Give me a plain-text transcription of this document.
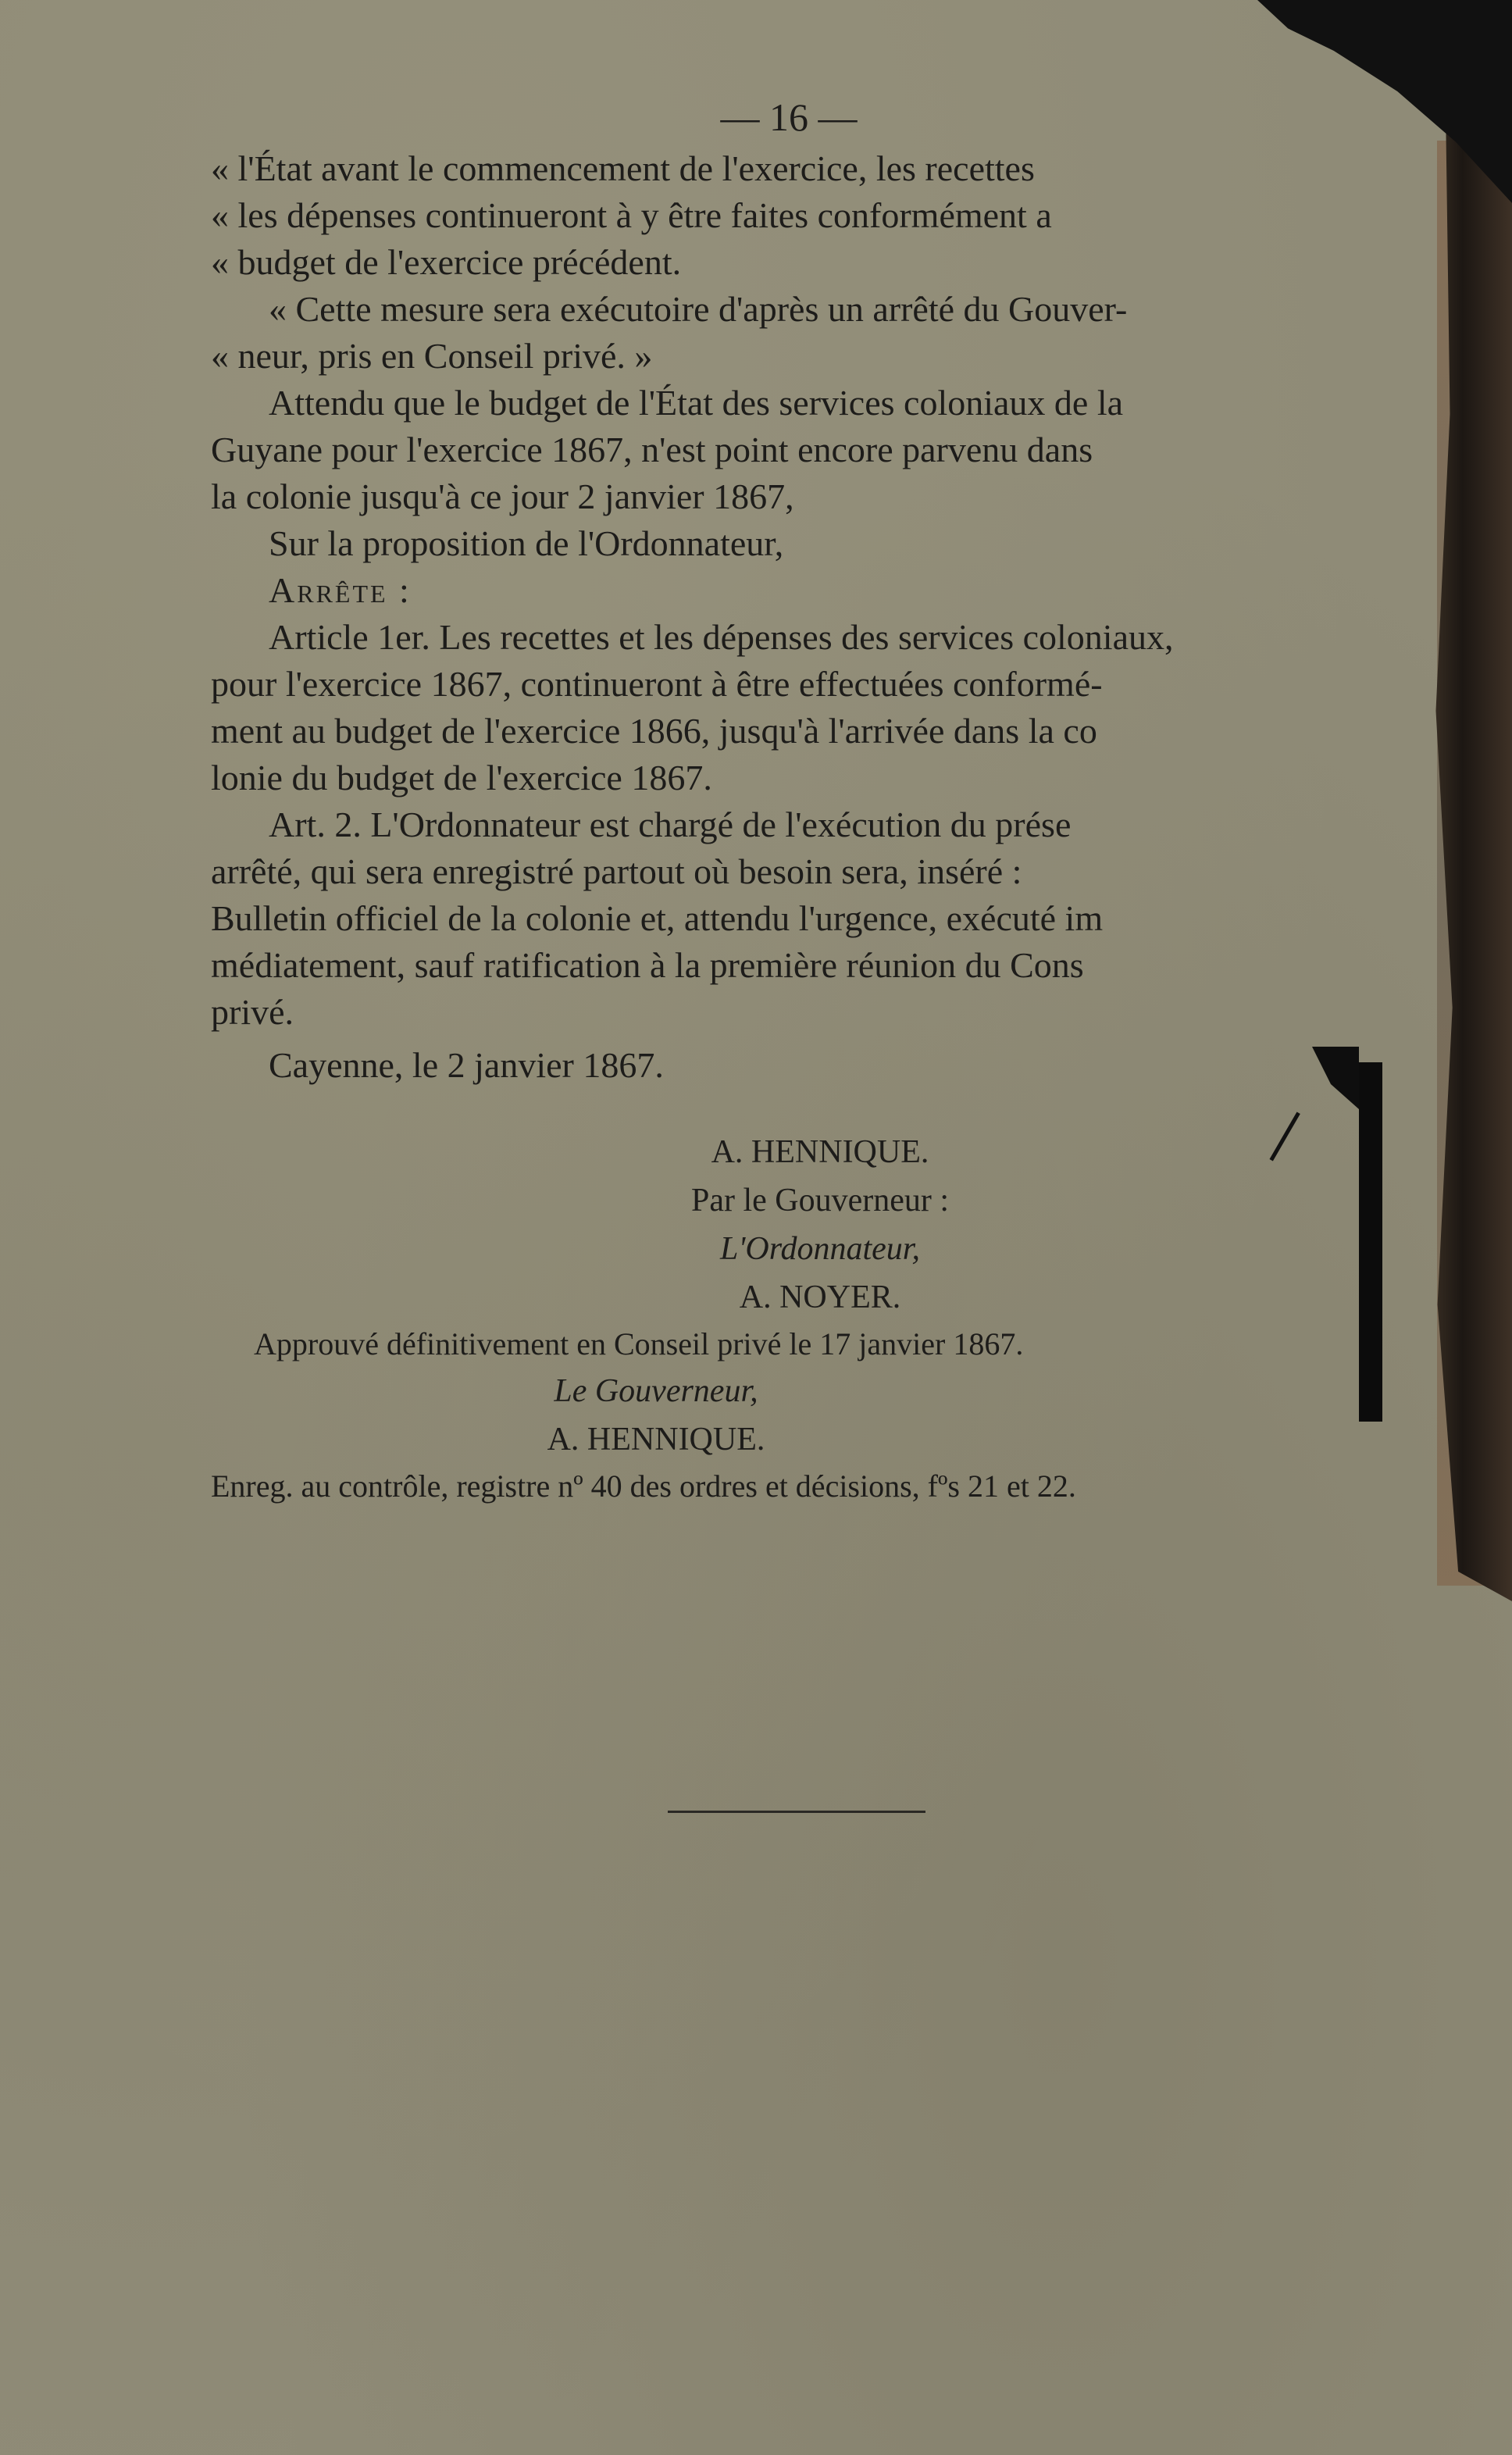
— 16 —
« l'État avant le commencement de l'exercice, les recettes
« les dépenses continueront à y être faites conformément a
« budget de l'exercice précédent.
« Cette mesure sera exécutoire d'après un arrêté du Gouver-
« neur, pris en Conseil privé. »
Attendu que le budget de l'État des services coloniaux de la
Guyane pour l'exercice 1867, n'est point encore parvenu dans
la colonie jusqu'à ce jour 2 janvier 1867,
Sur la proposition de l'Ordonnateur,
Arrête :
Article 1er. Les recettes et les dépenses des services coloniaux,
pour l'exercice 1867, continueront à être effectuées conformé-
ment au budget de l'exercice 1866, jusqu'à l'arrivée dans la co
lonie du budget de l'exercice 1867.
Art. 2. L'Ordonnateur est chargé de l'exécution du prése
arrêté, qui sera enregistré partout où besoin sera, inséré :
Bulletin officiel de la colonie et, attendu l'urgence, exécuté im
médiatement, sauf ratification à la première réunion du Cons
privé.
Cayenne, le 2 janvier 1867.
A. HENNIQUE.
Par le Gouverneur :
L'Ordonnateur,
A. NOYER.
Approuvé définitivement en Conseil privé le 17 janvier 1867.
Le Gouverneur,
A. HENNIQUE.
Enreg. au contrôle, registre nº 40 des ordres et décisions, fºs 21 et 22.
